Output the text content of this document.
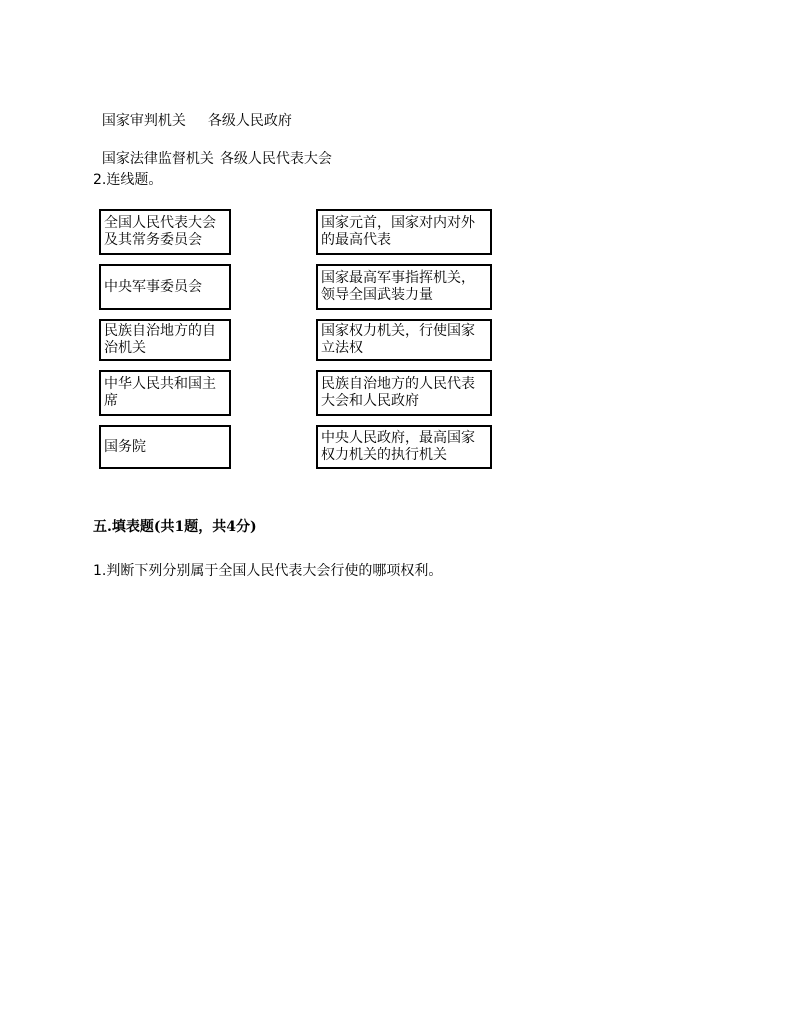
国家审判机关 各级人民政府

国家法律监督机关 各级人民代表大会

2.连线题。
全国人民代表大会及其常务委员会
中央军事委员会
民族自治地方的自治机关
中华人民共和国主席
国务院
国家元首，国家对内对外的最高代表
国家最高军事指挥机关，领导全国武装力量
国家权力机关，行使国家立法权
民族自治地方的人民代表大会和人民政府
中央人民政府，最高国家权力机关的执行机关
五.填表题(共1题，共4分)
1.判断下列分别属于全国人民代表大会行使的哪项权利。
